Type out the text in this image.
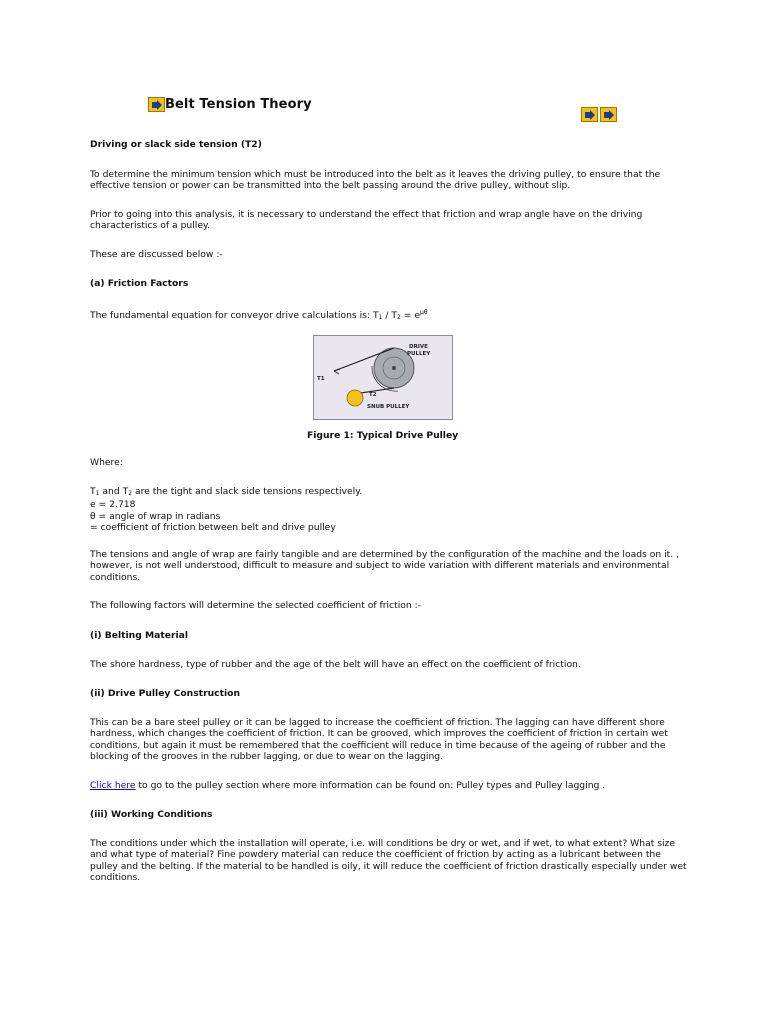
Belt Tension Theory

Driving or slack side tension (T2)

To determine the minimum tension which must be introduced into the belt as it leaves the driving pulley, to ensure that the effective tension or power can be transmitted into the belt passing around the drive pulley, without slip.

Prior to going into this analysis, it is necessary to understand the effect that friction and wrap angle have on the driving characteristics of a pulley.

These are discussed below :-

(a) Friction Factors

The fundamental equation for conveyor drive calculations is: $T1 / T2 = e^{\mu\theta}$

Where:

T1 and T2 are the tight and slack side tensions respectively.
e = 2.718
θ = angle of wrap in radians
= coefficient of friction between belt and drive pulley

The tensions and angle of wrap are fairly tangible and are determined by the configuration of the machine and the loads on it. , however, is not well understood, difficult to measure and subject to wide variation with different materials and environmental conditions.

The following factors will determine the selected coefficient of friction :-

(i) Belting Material

The shore hardness, type of rubber and the age of the belt will have an effect on the coefficient of friction.

(ii) Drive Pulley Construction

This can be a bare steel pulley or it can be lagged to increase the coefficient of friction. The lagging can have different shore hardness, which changes the coefficient of friction. It can be grooved, which improves the coefficient of friction in certain wet conditions, but again it must be remembered that the coefficient will reduce in time because of the ageing of rubber and the blocking of the grooves in the rubber lagging, or due to wear on the lagging.

Click here to go to the pulley section where more information can be found on: Pulley types and Pulley lagging .

(iii) Working Conditions

The conditions under which the installation will operate, i.e. will conditions be dry or wet, and if wet, to what extent? What size and what type of material? Fine powdery material can reduce the coefficient of friction by acting as a lubricant between the pulley and the belting. If the material to be handled is oily, it will reduce the coefficient of friction drastically especially under wet conditions.

DRIVE
PULLEY
T1
T2
SNUB PULLEY
Figure 1: Typical Drive Pulley
